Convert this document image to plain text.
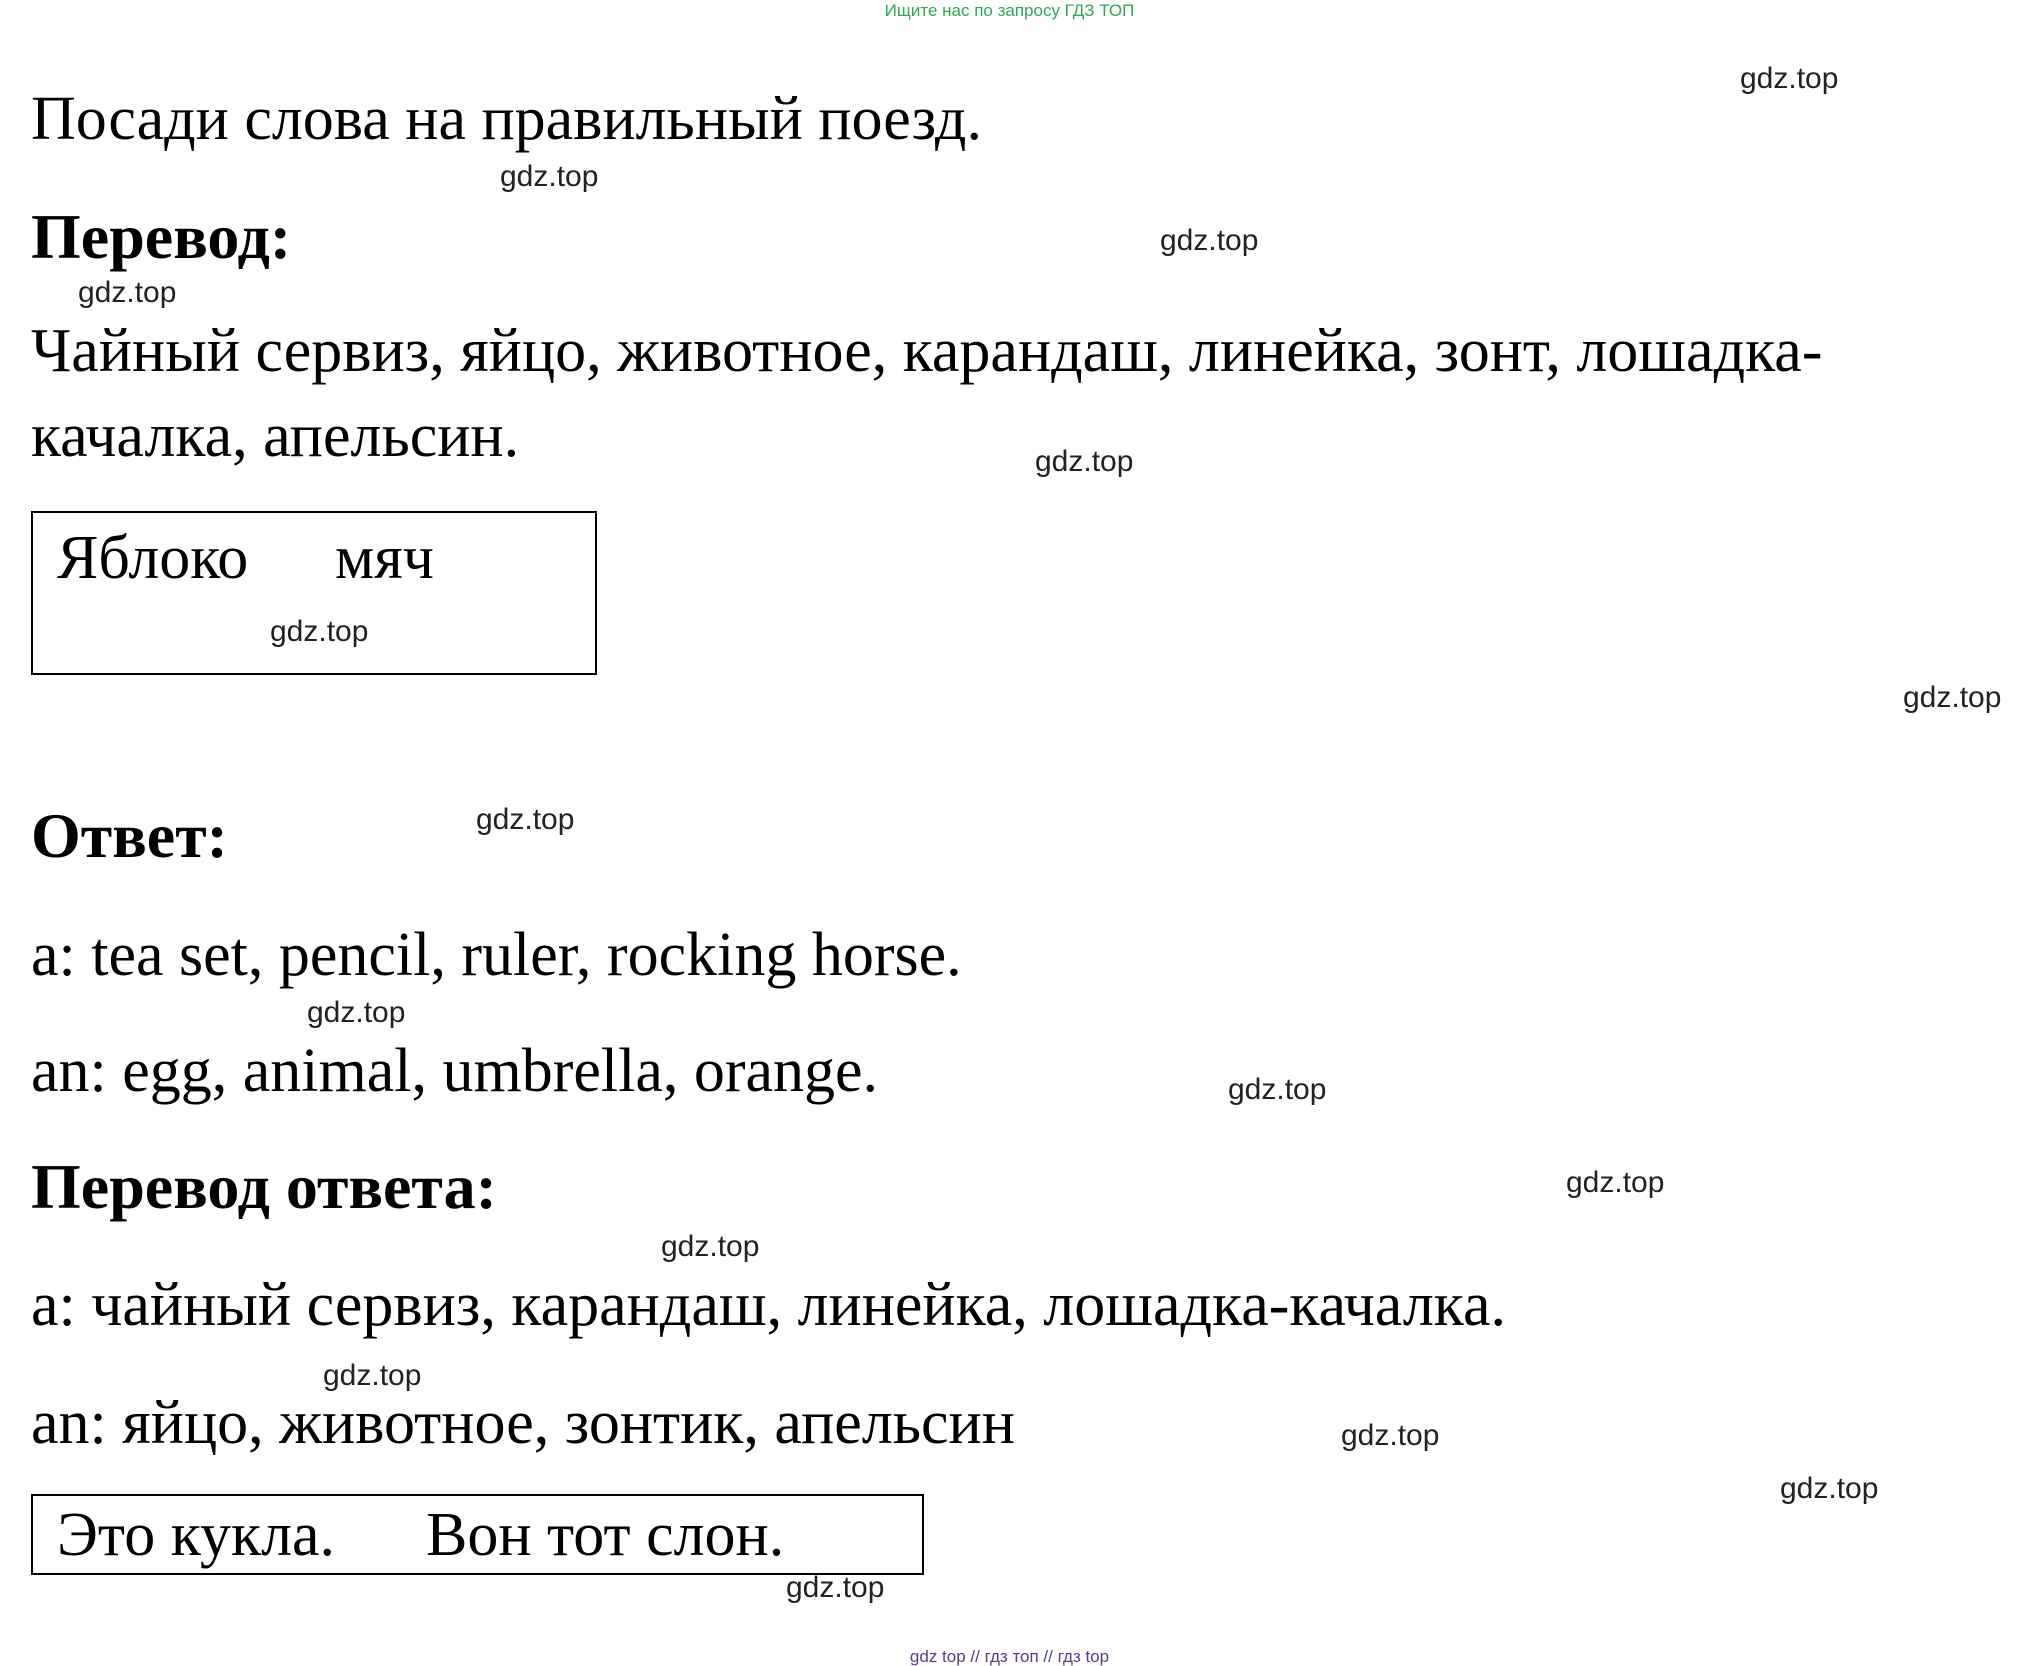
Ищите нас по запросу ГДЗ ТОП
Посади слова на правильный поезд.
Перевод:
Чайный сервиз, яйцо, животное, карандаш, линейка, зонт, лошадка-
качалка, апельсин.
Яблоко мяч
Ответ:
a: tea set, pencil, ruler, rocking horse.
an: egg, animal, umbrella, orange.
Перевод ответа:
a: чайный сервиз, карандаш, линейка, лошадка-качалка.
an: яйцо, животное, зонтик, апельсин
Это кукла. Вон тот слон.
gdz.top
gdz.top
gdz.top
gdz.top
gdz.top
gdz.top
gdz.top
gdz.top
gdz.top
gdz.top
gdz.top
gdz.top
gdz.top
gdz.top
gdz.top
gdz.top
gdz top // гдз топ // гдз top
